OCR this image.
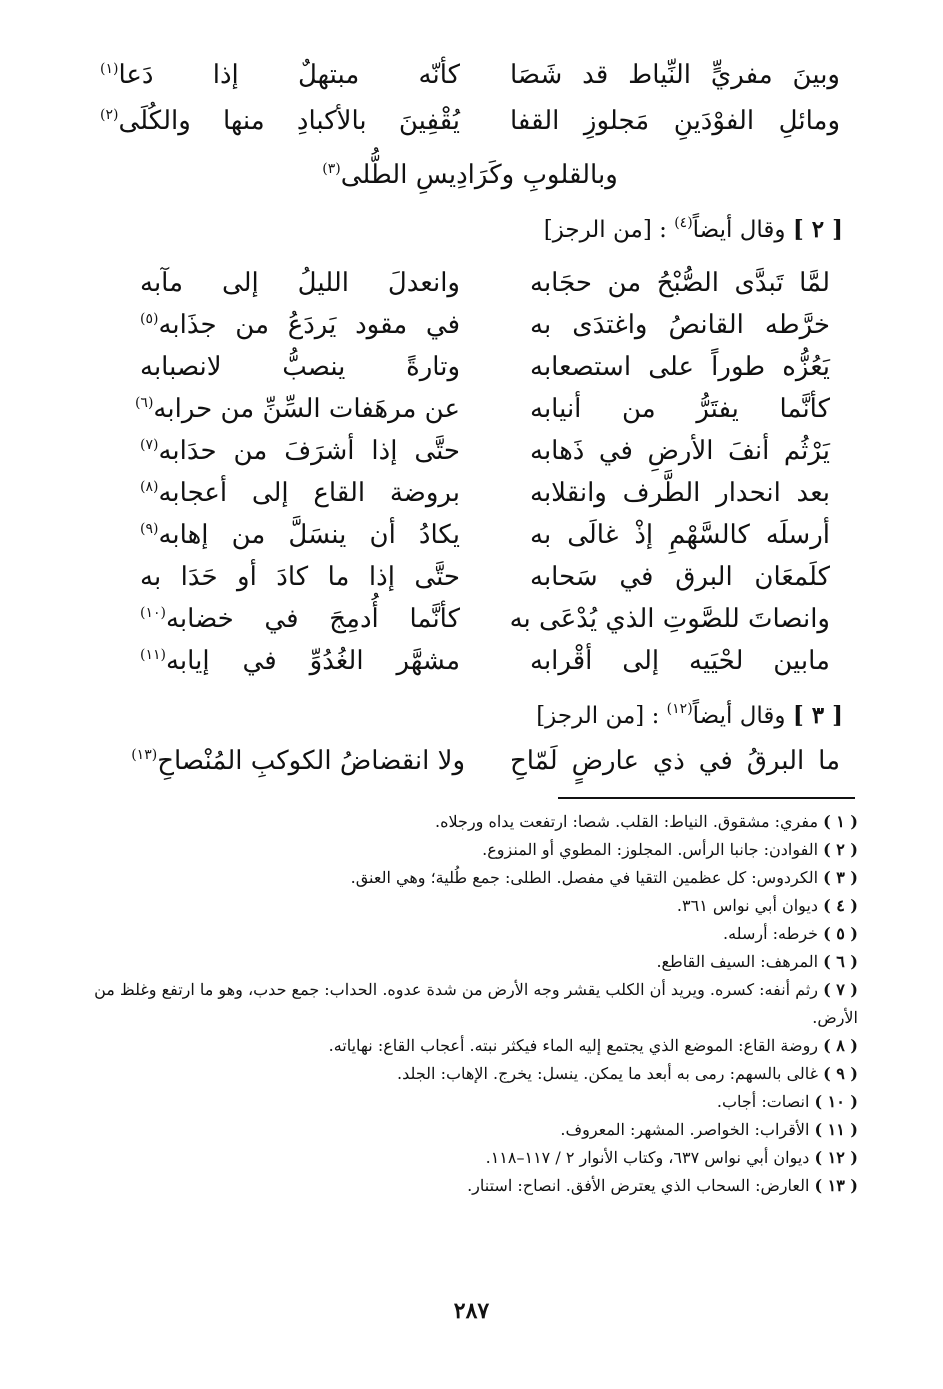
وبينَ مفريٍّ النِّياط قد شَصَا
كأنّه مبتهلٌ إذا دَعا$^{(١)}$
ومائلِ الفوْدَينِ مَجلوزِ القفا
يُقْفِينَ بالأكبادِ منها والكُلَى$^{(٢)}$
وبالقلوبِ وكَرَادِيسِ الطُّلى$^{(٣)}$
[ ٢ ] وقال أيضاً$^{(٤)}$ : [من الرجز]
لمَّا تَبدَّى الصُّبْحُ من حجَابه
وانعدلَ الليلُ إلى مآبه
خرَّطه القانصُ واغتدَى به
في مقود يَردَعُ من جذَابه$^{(٥)}$
يَعُزُّه طوراً على استصعابه
وتارةً ينصبُّ لانصبابه
كأنَّما يفتَرُّ من أنيابه
عن مرهَفات السِّنِّ من حرابه$^{(٦)}$
يَرْثُم أنفَ الأرضِ في ذَهابه
حتَّى إذا أشرَفَ من حدَابه$^{(٧)}$
بعد انحدار الطَّرف وانقلابه
بروضة القاع إلى أعجابه$^{(٨)}$
أرسلَه كالسَّهْمِ إذْ غالَى به
يكادُ أن ينسَلَّ من إهابه$^{(٩)}$
كلَمعَان البرق في سَحابه
حتَّى إذا ما كادَ أو حَدَا به
وانصاتَ للصَّوتِ الذي يُدْعَى به
كأنَّما أُدمِجَ في خضابه$^{(١٠)}$
مابين لحْيَيه إلى أقْرابه
مشهَّر الغُدُوِّ في إيابه$^{(١١)}$
[ ٣ ] وقال أيضاً$^{(١٢)}$ : [من الرجز]
ما البرقُ في ذي عارضٍ لَمّاحِ
ولا انقضاضُ الكوكبِ المُنْصاحِ$^{(١٣)}$
( ١ ) مفري: مشقوق. النياط: القلب. شصا: ارتفعت يداه ورجلاه.
( ٢ ) الفوادن: جانبا الرأس. المجلوز: المطوي أو المنزوع.
( ٣ ) الكردوس: كل عظمين التقيا في مفصل. الطلى: جمع طُلية؛ وهي العنق.
( ٤ ) ديوان أبي نواس ٣٦١.
( ٥ ) خرطه: أرسله.
( ٦ ) المرهف: السيف القاطع.
( ٧ ) رثم أنفه: كسره. ويريد أن الكلب يقشر وجه الأرض من شدة عدوه. الحداب: جمع حدب، وهو ما ارتفع وغلظ من الأرض.
( ٨ ) روضة القاع: الموضع الذي يجتمع إليه الماء فيكثر نبته. أعجاب القاع: نهاياته.
( ٩ ) غالى بالسهم: رمى به أبعد ما يمكن. ينسل: يخرج. الإهاب: الجلد.
( ١٠ ) انصات: أجاب.
( ١١ ) الأقراب: الخواصر. المشهر: المعروف.
( ١٢ ) ديوان أبي نواس ٦٣٧، وكتاب الأنوار ٢ / ١١٧–١١٨.
( ١٣ ) العارض: السحاب الذي يعترض الأفق. انصاح: استنار.
٢٨٧
